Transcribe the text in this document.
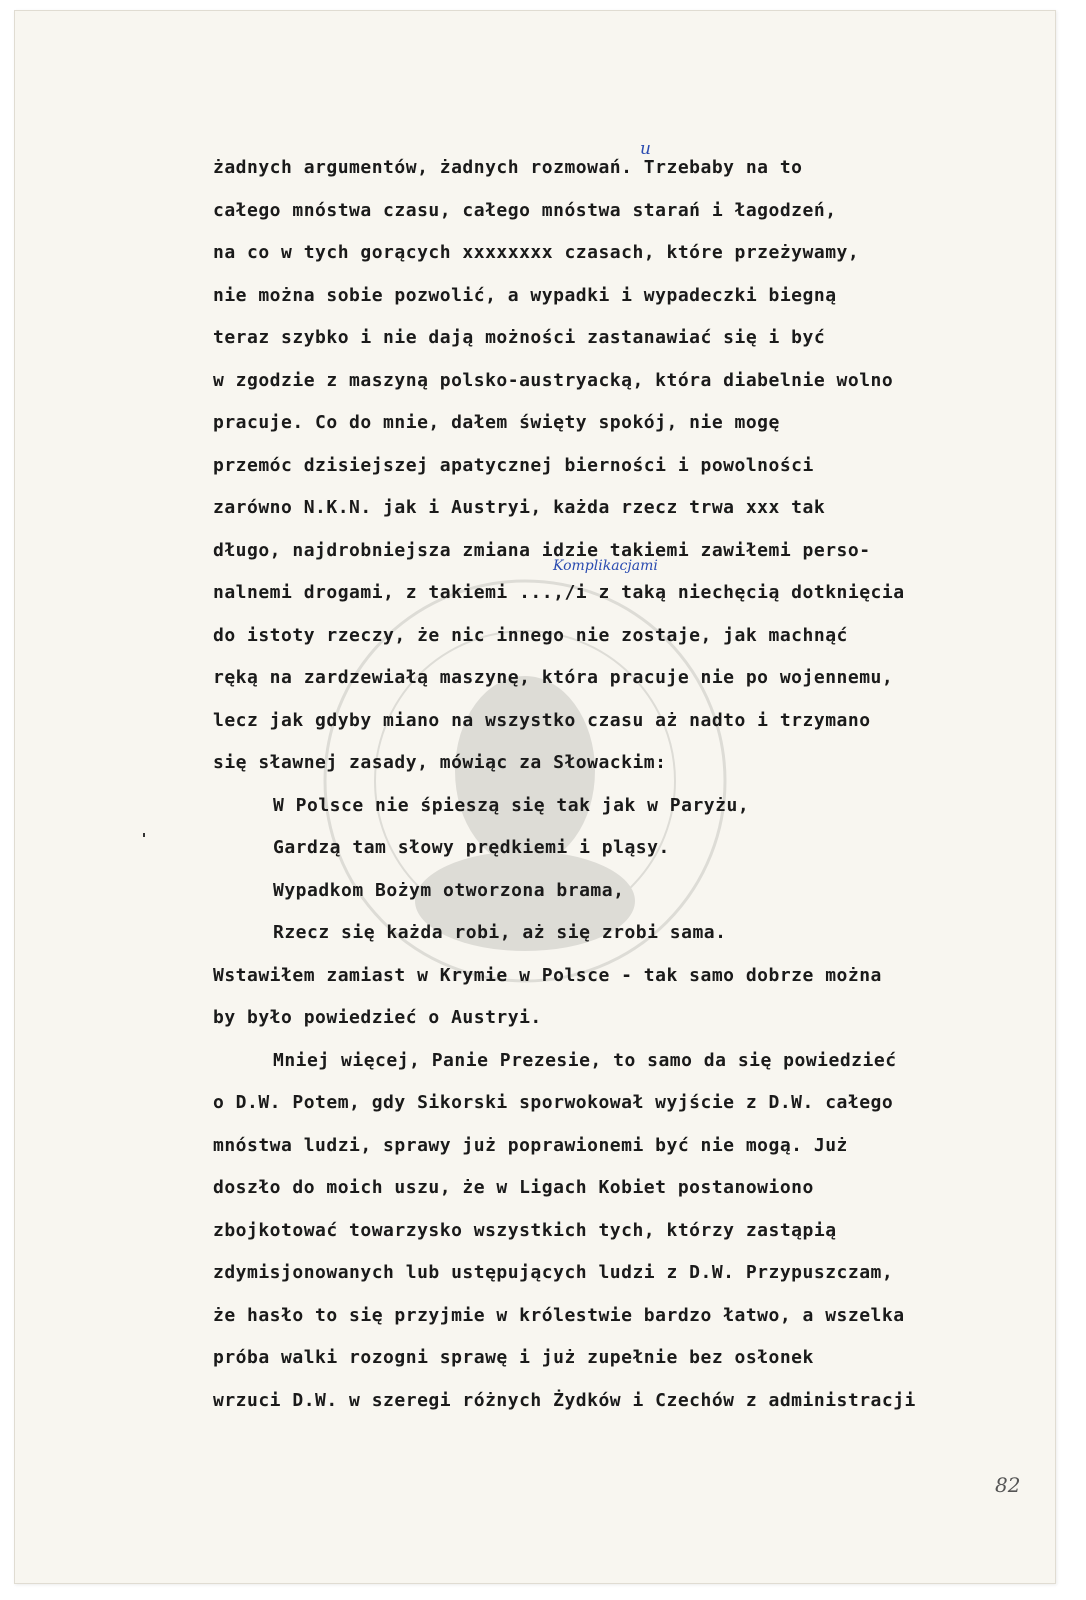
żadnych argumentów, żadnych rozmowań. Trzebaby na to
całego mnóstwa czasu, całego mnóstwa starań i łagodzeń,
na co w tych gorących xxxxxxxx czasach, które przeżywamy,
nie można sobie pozwolić, a wypadki i wypadeczki biegną
teraz szybko i nie dają możności zastanawiać się i być
w zgodzie z maszyną polsko-austryacką, która diabelnie wolno
pracuje. Co do mnie, dałem święty spokój, nie mogę
przemóc dzisiejszej apatycznej bierności i powolności
zarówno N.K.N. jak i Austryi, każda rzecz trwa xxx tak
długo, najdrobniejsza zmiana idzie takiemi zawiłemi perso-
nalnemi drogami, z takiemi ...,/i z taką niechęcią dotknięcia
do istoty rzeczy, że nic innego nie zostaje, jak machnąć
ręką na zardzewiałą maszynę, która pracuje nie po wojennemu,
lecz jak gdyby miano na wszystko czasu aż nadto i trzymano
się sławnej zasady, mówiąc za Słowackim:
W Polsce nie śpieszą się tak jak w Paryżu,
Gardzą tam słowy prędkiemi i pląsy.
Wypadkom Bożym otworzona brama,
Rzecz się każda robi, aż się zrobi sama.
Wstawiłem zamiast w Krymie w Polsce - tak samo dobrze można
by było powiedzieć o Austryi.
Mniej więcej, Panie Prezesie, to samo da się powiedzieć
o D.W. Potem, gdy Sikorski sporwokował wyjście z D.W. całego
mnóstwa ludzi, sprawy już poprawionemi być nie mogą. Już
doszło do moich uszu, że w Ligach Kobiet postanowiono
zbojkotować towarzysko wszystkich tych, którzy zastąpią
zdymisjonowanych lub ustępujących ludzi z D.W. Przypuszczam,
że hasło to się przyjmie w królestwie bardzo łatwo, a wszelka
próba walki rozogni sprawę i już zupełnie bez osłonek
wrzuci D.W. w szeregi różnych Żydków i Czechów z administracji
u
Komplikacjami
82
